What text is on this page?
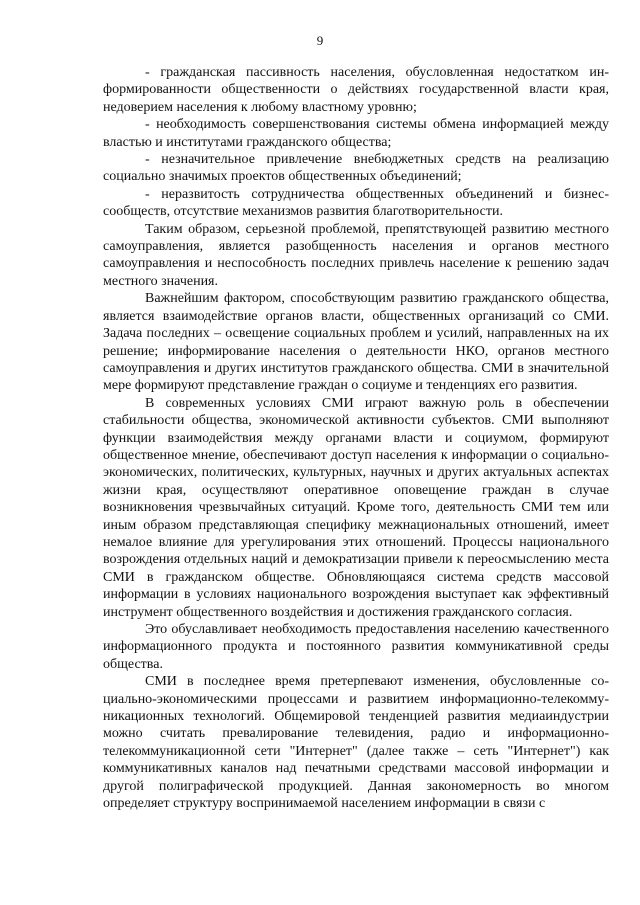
9

- гражданская пассивность населения, обусловленная недостатком информированности общественности о действиях государственной власти края, недоверием населения к любому властному уровню;

- необходимость совершенствования системы обмена информацией между властью и институтами гражданского общества;

- незначительное привлечение внебюджетных средств на реализацию социально значимых проектов общественных объединений;

- неразвитость сотрудничества общественных объединений и бизнес-сообществ, отсутствие механизмов развития благотворительности.

Таким образом, серьезной проблемой, препятствующей развитию местного самоуправления, является разобщенность населения и органов местного самоуправления и неспособность последних привлечь население к решению задач местного значения.

Важнейшим фактором, способствующим развитию гражданского общества, является взаимодействие органов власти, общественных организаций со СМИ. Задача последних – освещение социальных проблем и усилий, направленных на их решение; информирование населения о деятельности НКО, органов местного самоуправления и других институтов гражданского общества. СМИ в значительной мере формируют представление граждан о социуме и тенденциях его развития.

В современных условиях СМИ играют важную роль в обеспечении стабильности общества, экономической активности субъектов. СМИ выполняют функции взаимодействия между органами власти и социумом, формируют общественное мнение, обеспечивают доступ населения к информации о социально-экономических, политических, культурных, научных и других актуальных аспектах жизни края, осуществляют оперативное оповещение граждан в случае возникновения чрезвычайных ситуаций. Кроме того, деятельность СМИ тем или иным образом представляющая специфику межнациональных отношений, имеет немалое влияние для урегулирования этих отношений. Процессы национального возрождения отдельных наций и демократизации привели к переосмыслению места СМИ в гражданском обществе. Обновляющаяся система средств массовой информации в условиях национального возрождения выступает как эффективный инструмент общественного воздействия и достижения гражданского согласия.

Это обуславливает необходимость предоставления населению качественного информационного продукта и постоянного развития коммуникативной среды общества.

СМИ в последнее время претерпевают изменения, обусловленные социально-экономическими процессами и развитием информационно-телекоммуникационных технологий. Общемировой тенденцией развития медиаиндустрии можно считать превалирование телевидения, радио и информационно-телекоммуникационной сети "Интернет" (далее также – сеть "Интернет") как коммуникативных каналов над печатными средствами массовой информации и другой полиграфической продукцией. Данная закономерность во многом определяет структуру воспринимаемой населением информации в связи с
